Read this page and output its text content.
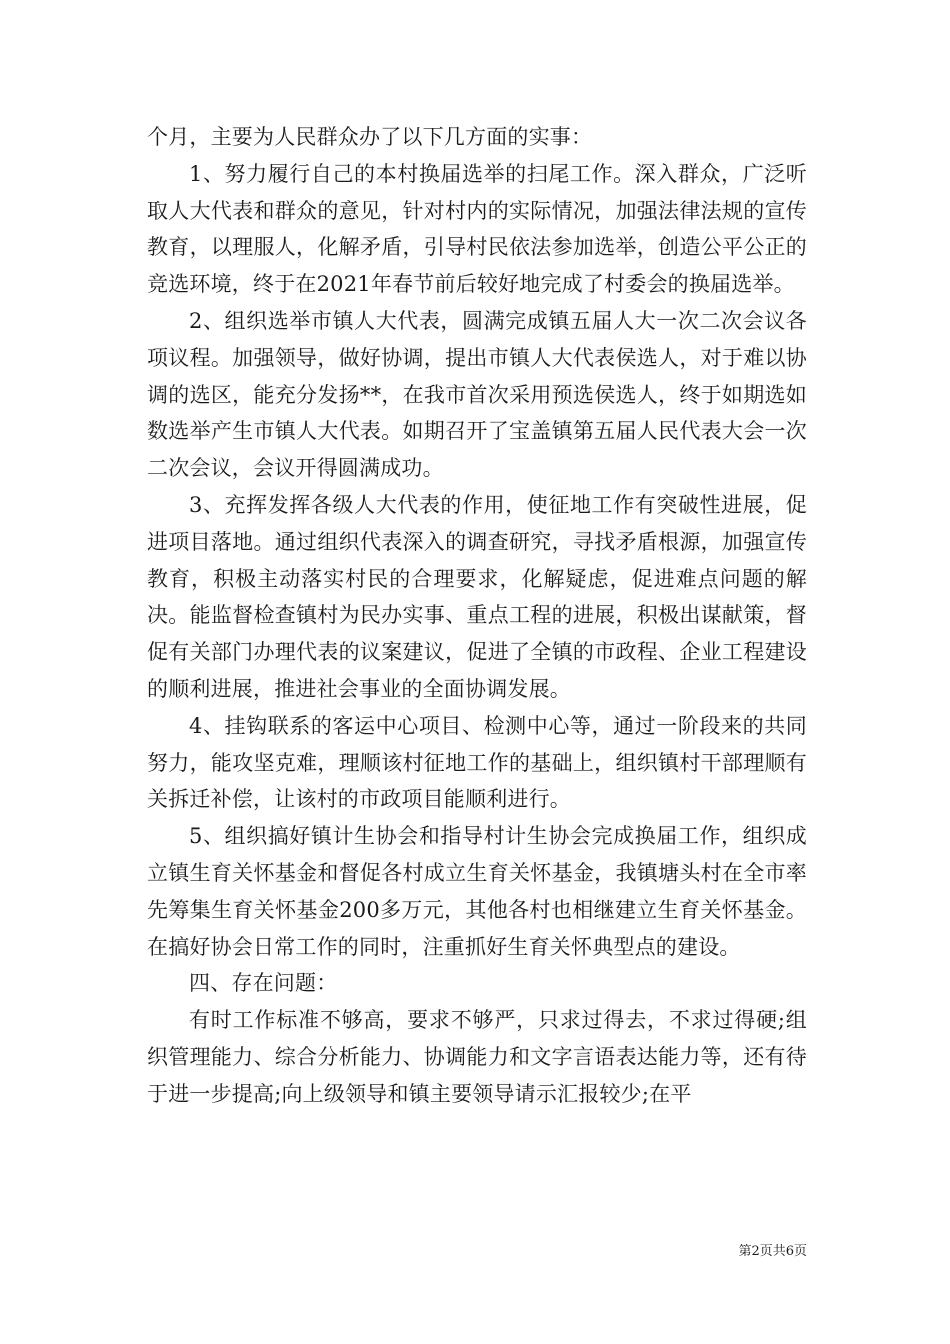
个月，主要为人民群众办了以下几方面的实事：

1、努力履行自己的本村换届选举的扫尾工作。深入群众，广泛听取人大代表和群众的意见，针对村内的实际情况，加强法律法规的宣传教育，以理服人，化解矛盾，引导村民依法参加选举，创造公平公正的竞选环境，终于在2021年春节前后较好地完成了村委会的换届选举。

2、组织选举市镇人大代表，圆满完成镇五届人大一次二次会议各项议程。加强领导，做好协调，提出市镇人大代表侯选人，对于难以协调的选区，能充分发扬**，在我市首次采用预选侯选人，终于如期选如数选举产生市镇人大代表。如期召开了宝盖镇第五届人民代表大会一次二次会议，会议开得圆满成功。

3、充挥发挥各级人大代表的作用，使征地工作有突破性进展，促进项目落地。通过组织代表深入的调查研究，寻找矛盾根源，加强宣传教育，积极主动落实村民的合理要求，化解疑虑，促进难点问题的解决。能监督检查镇村为民办实事、重点工程的进展，积极出谋献策，督促有关部门办理代表的议案建议，促进了全镇的市政程、企业工程建设的顺利进展，推进社会事业的全面协调发展。

4、挂钩联系的客运中心项目、检测中心等，通过一阶段来的共同努力，能攻坚克难，理顺该村征地工作的基础上，组织镇村干部理顺有关拆迁补偿，让该村的市政项目能顺利进行。

5、组织搞好镇计生协会和指导村计生协会完成换届工作，组织成立镇生育关怀基金和督促各村成立生育关怀基金，我镇塘头村在全市率先筹集生育关怀基金200多万元，其他各村也相继建立生育关怀基金。在搞好协会日常工作的同时，注重抓好生育关怀典型点的建设。

四、存在问题：

有时工作标准不够高，要求不够严，只求过得去，不求过得硬;组织管理能力、综合分析能力、协调能力和文字言语表达能力等，还有待于进一步提高;向上级领导和镇主要领导请示汇报较少;在平

第2页共6页
